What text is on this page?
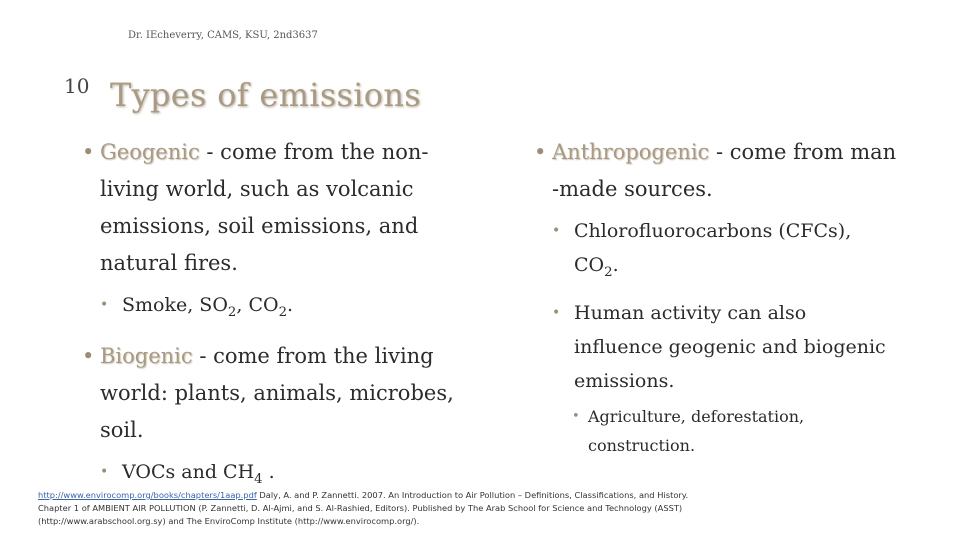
Dr. IEcheverry, CAMS, KSU, 2nd3637
10 Types of emissions
• Geogenic - come from the non-
living world, such as volcanic
emissions, soil emissions, and
natural fires.
• Smoke, $SO_2$, $CO_2$.
• Biogenic - come from the living
world: plants, animals, microbes,
soil.
• VOCs and $CH_4$ .
• Anthropogenic - come from man
-made sources.
• Chlorofluorocarbons (CFCs),
$CO_2$.
• Human activity can also
influence geogenic and biogenic
emissions.
• Agriculture, deforestation,
construction.
http://www.envirocomp.org/books/chapters/1aap.pdf Daly, A. and P. Zannetti. 2007. An Introduction to Air Pollution – Definitions, Classifications, and History.
Chapter 1 of AMBIENT AIR POLLUTION (P. Zannetti, D. Al-Ajmi, and S. Al-Rashied, Editors). Published by The Arab School for Science and Technology (ASST)
(http://www.arabschool.org.sy) and The EnviroComp Institute (http://www.envirocomp.org/).
